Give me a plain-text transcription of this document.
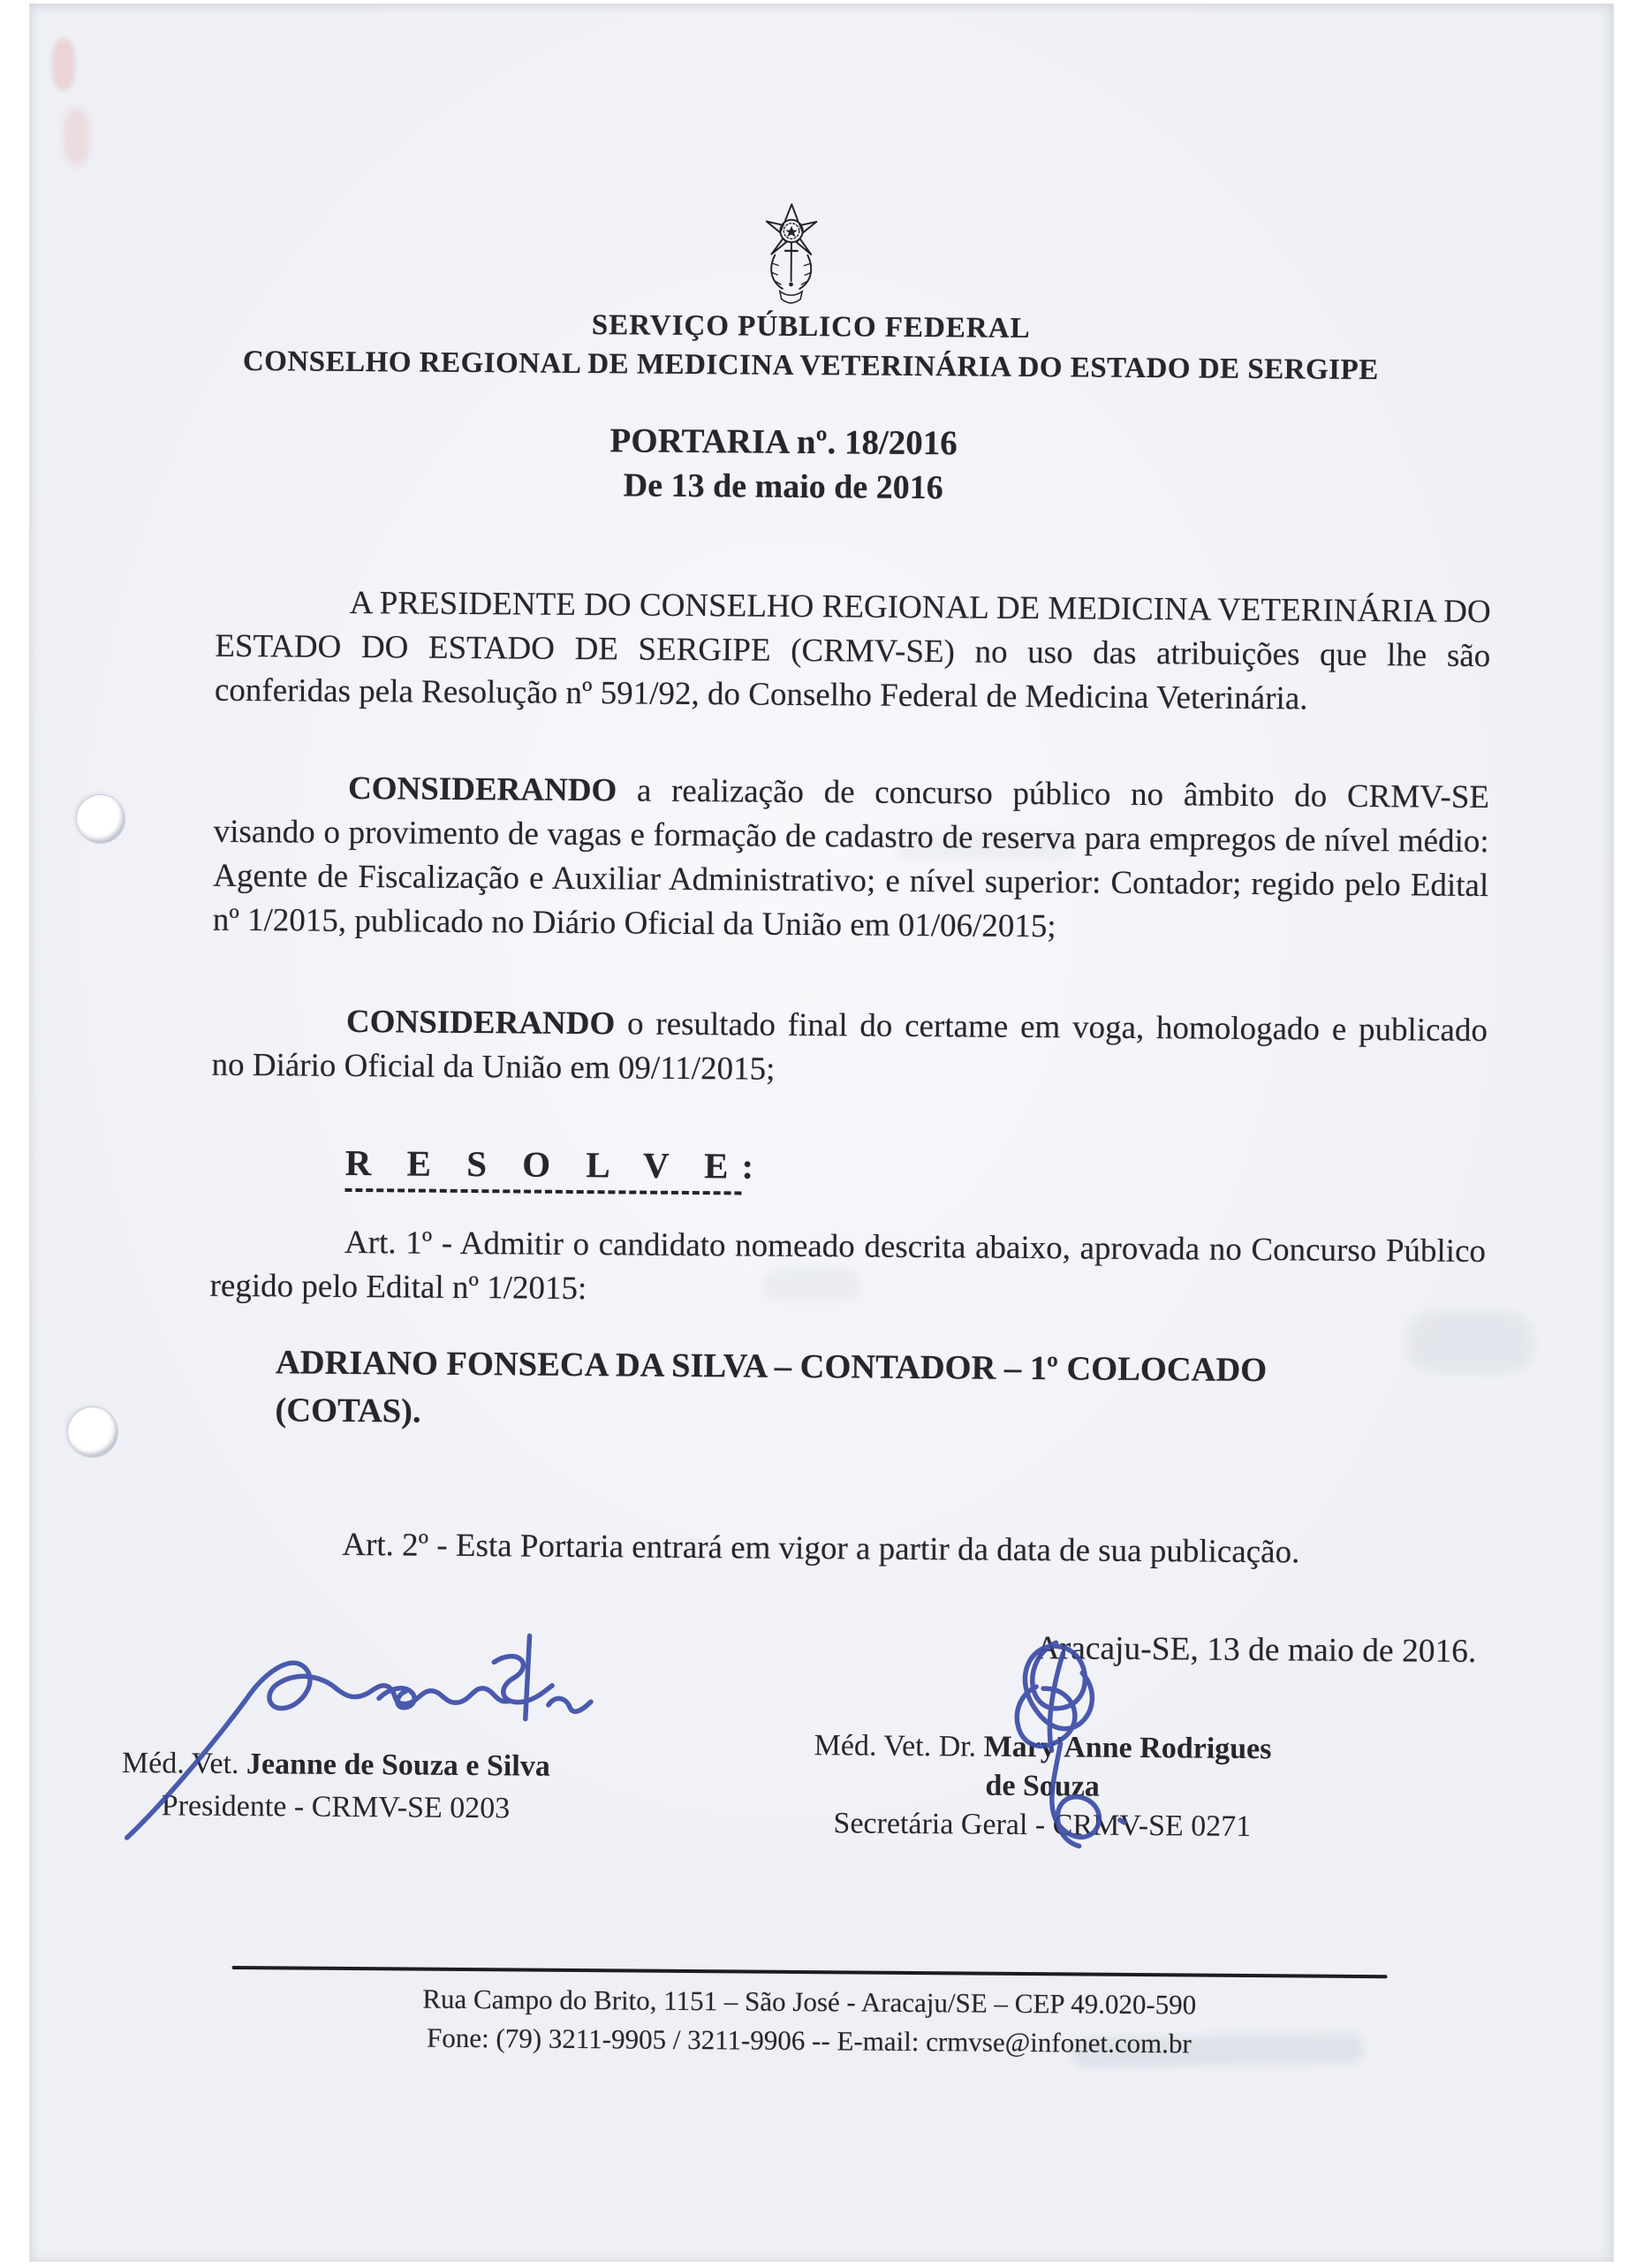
SERVIÇO PÚBLICO FEDERAL

CONSELHO REGIONAL DE MEDICINA VETERINÁRIA DO ESTADO DE SERGIPE

PORTARIA nº. 18/2016

De 13 de maio de 2016

A PRESIDENTE DO CONSELHO REGIONAL DE MEDICINA VETERINÁRIA DO ESTADO DO ESTADO DE SERGIPE (CRMV-SE) no uso das atribuições que lhe são conferidas pela Resolução nº 591/92, do Conselho Federal de Medicina Veterinária.

CONSIDERANDO a realização de concurso público no âmbito do CRMV-SE visando o provimento de vagas e formação de cadastro de reserva para empregos de nível médio: Agente de Fiscalização e Auxiliar Administrativo; e nível superior: Contador; regido pelo Edital nº 1/2015, publicado no Diário Oficial da União em 01/06/2015;

CONSIDERANDO o resultado final do certame em voga, homologado e publicado no Diário Oficial da União em 09/11/2015;

R E S O L V E:

Art. 1º - Admitir o candidato nomeado descrita abaixo, aprovada no Concurso Público regido pelo Edital nº 1/2015:

ADRIANO FONSECA DA SILVA – CONTADOR – 1º COLOCADO
(COTAS).

Art. 2º - Esta Portaria entrará em vigor a partir da data de sua publicação.

Aracaju-SE, 13 de maio de 2016.

Méd. Vet. Jeanne de Souza e Silva
Presidente - CRMV-SE 0203
Méd. Vet. Dr. Mary'Anne Rodrigues de Souza
Secretária Geral - CRMV-SE 0271
Rua Campo do Brito, 1151 – São José - Aracaju/SE – CEP 49.020-590
Fone: (79) 3211-9905 / 3211-9906 -- E-mail: crmvse@infonet.com.br
